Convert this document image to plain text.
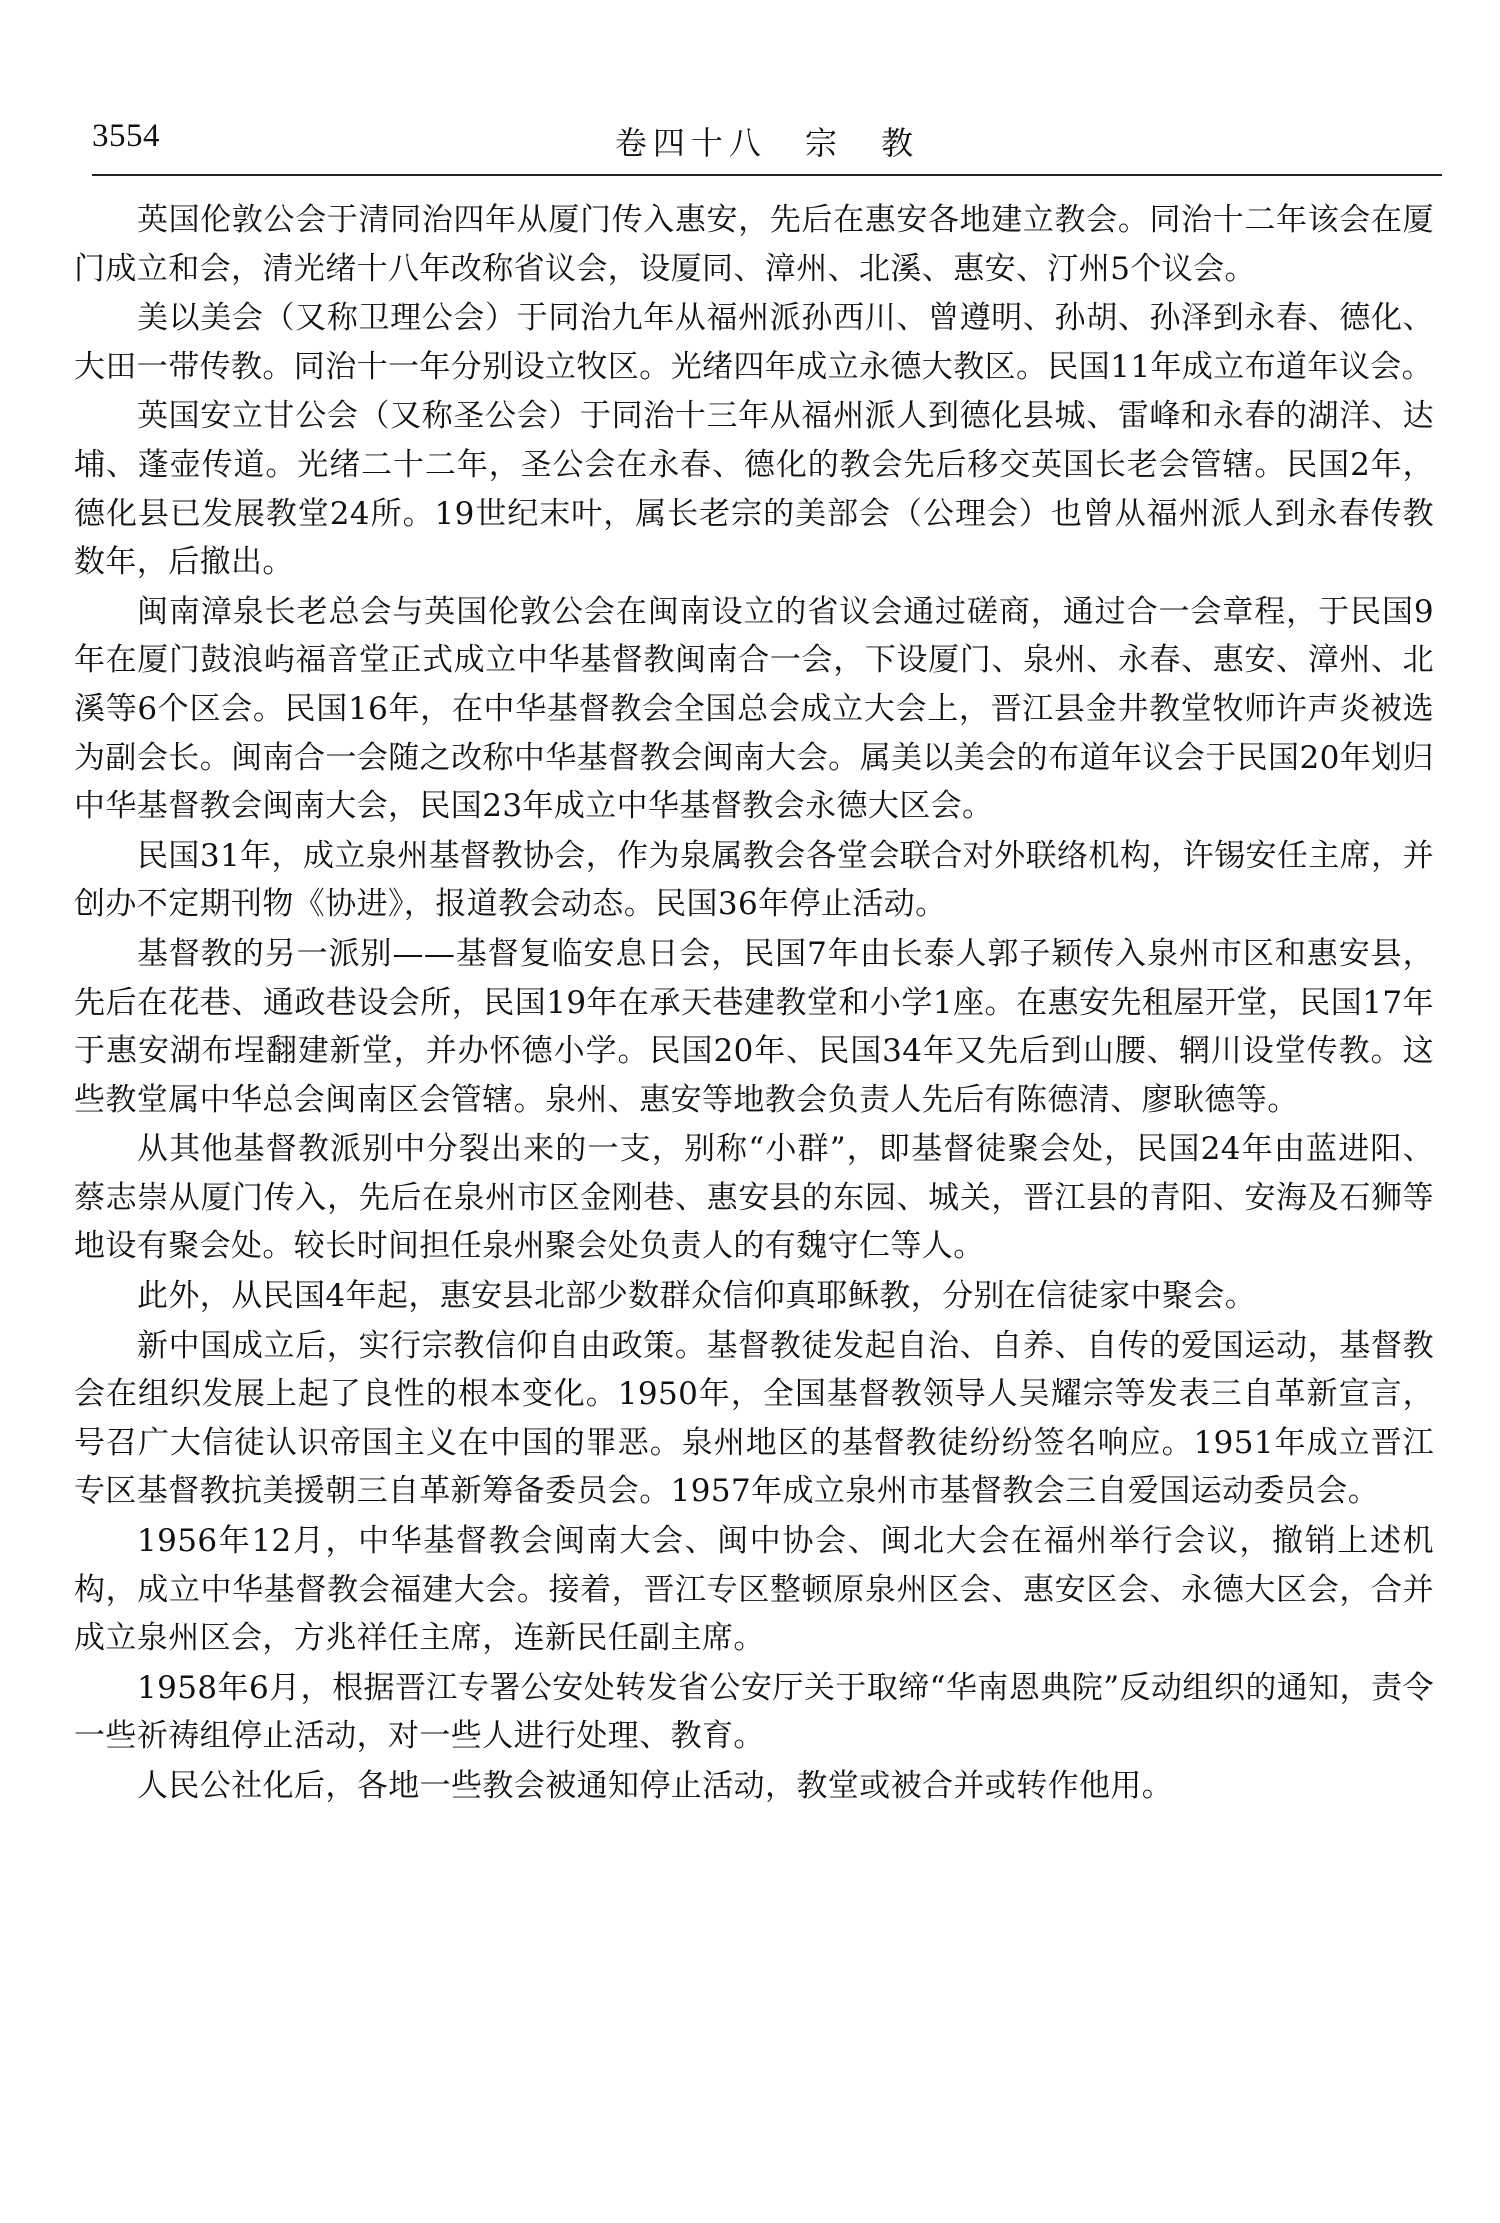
3554	卷四十八 宗 教

英国伦敦公会于清同治四年从厦门传入惠安，先后在惠安各地建立教会。同治十二年该会在厦门成立和会，清光绪十八年改称省议会，设厦同、漳州、北溪、惠安、汀州5个议会。

美以美会（又称卫理公会）于同治九年从福州派孙西川、曾遵明、孙胡、孙泽到永春、德化、大田一带传教。同治十一年分别设立牧区。光绪四年成立永德大教区。民国11年成立布道年议会。

英国安立甘公会（又称圣公会）于同治十三年从福州派人到德化县城、雷峰和永春的湖洋、达埔、蓬壶传道。光绪二十二年，圣公会在永春、德化的教会先后移交英国长老会管辖。民国2年，德化县已发展教堂24所。19世纪末叶，属长老宗的美部会（公理会）也曾从福州派人到永春传教数年，后撤出。

闽南漳泉长老总会与英国伦敦公会在闽南设立的省议会通过磋商，通过合一会章程，于民国9年在厦门鼓浪屿福音堂正式成立中华基督教闽南合一会，下设厦门、泉州、永春、惠安、漳州、北溪等6个区会。民国16年，在中华基督教会全国总会成立大会上，晋江县金井教堂牧师许声炎被选为副会长。闽南合一会随之改称中华基督教会闽南大会。属美以美会的布道年议会于民国20年划归中华基督教会闽南大会，民国23年成立中华基督教会永德大区会。

民国31年，成立泉州基督教协会，作为泉属教会各堂会联合对外联络机构，许锡安任主席，并创办不定期刊物《协进》，报道教会动态。民国36年停止活动。

基督教的另一派别——基督复临安息日会，民国7年由长泰人郭子颖传入泉州市区和惠安县，先后在花巷、通政巷设会所，民国19年在承天巷建教堂和小学1座。在惠安先租屋开堂，民国17年于惠安湖布埕翻建新堂，并办怀德小学。民国20年、民国34年又先后到山腰、辋川设堂传教。这些教堂属中华总会闽南区会管辖。泉州、惠安等地教会负责人先后有陈德清、廖耿德等。

从其他基督教派别中分裂出来的一支，别称“小群”，即基督徒聚会处，民国24年由蓝进阳、蔡志崇从厦门传入，先后在泉州市区金刚巷、惠安县的东园、城关，晋江县的青阳、安海及石狮等地设有聚会处。较长时间担任泉州聚会处负责人的有魏守仁等人。

此外，从民国4年起，惠安县北部少数群众信仰真耶稣教，分别在信徒家中聚会。

新中国成立后，实行宗教信仰自由政策。基督教徒发起自治、自养、自传的爱国运动，基督教会在组织发展上起了良性的根本变化。1950年，全国基督教领导人吴耀宗等发表三自革新宣言，号召广大信徒认识帝国主义在中国的罪恶。泉州地区的基督教徒纷纷签名响应。1951年成立晋江专区基督教抗美援朝三自革新筹备委员会。1957年成立泉州市基督教会三自爱国运动委员会。

1956年12月，中华基督教会闽南大会、闽中协会、闽北大会在福州举行会议，撤销上述机构，成立中华基督教会福建大会。接着，晋江专区整顿原泉州区会、惠安区会、永德大区会，合并成立泉州区会，方兆祥任主席，连新民任副主席。

1958年6月，根据晋江专署公安处转发省公安厅关于取缔“华南恩典院”反动组织的通知，责令一些祈祷组停止活动，对一些人进行处理、教育。

人民公社化后，各地一些教会被通知停止活动，教堂或被合并或转作他用。
